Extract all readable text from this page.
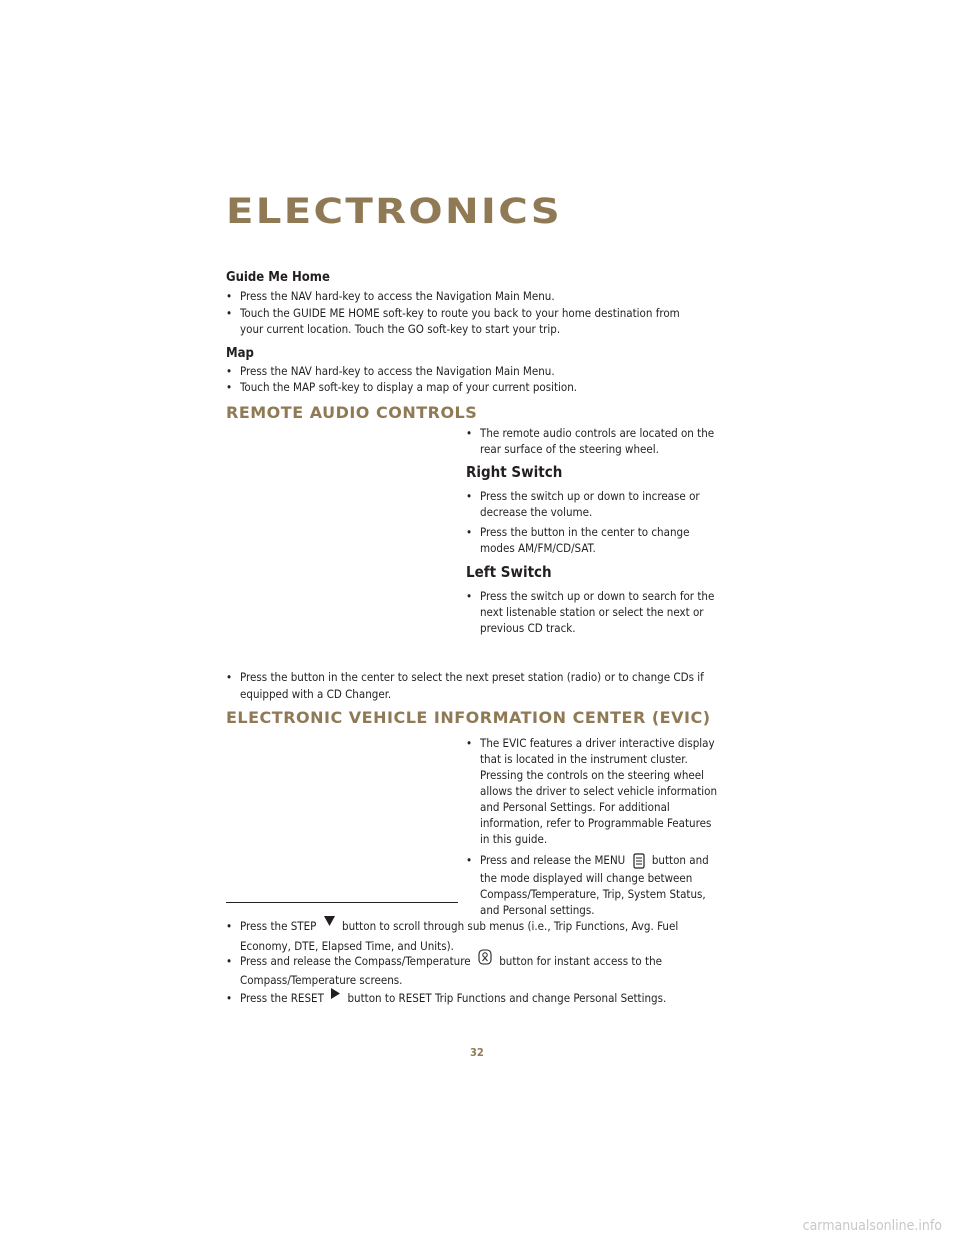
ELECTRONICS
Guide Me Home
• Press the NAV hard-key to access the Navigation Main Menu.
• Touch the GUIDE ME HOME soft-key to route you back to your home destination from
your current location. Touch the GO soft-key to start your trip.
Map
• Press the NAV hard-key to access the Navigation Main Menu.
• Touch the MAP soft-key to display a map of your current position.
REMOTE AUDIO CONTROLS
• The remote audio controls are located on the
rear surface of the steering wheel.
Right Switch
• Press the switch up or down to increase or
decrease the volume.
• Press the button in the center to change
modes AM/FM/CD/SAT.
Left Switch
• Press the switch up or down to search for the
next listenable station or select the next or
previous CD track.
• Press the button in the center to select the next preset station (radio) or to change CDs if
equipped with a CD Changer.
ELECTRONIC VEHICLE INFORMATION CENTER (EVIC)
• The EVIC features a driver interactive display
that is located in the instrument cluster.
Pressing the controls on the steering wheel
allows the driver to select vehicle information
and Personal Settings. For additional
information, refer to Programmable Features
in this guide.
• Press and release the MENU button and
the mode displayed will change between
Compass/Temperature, Trip, System Status,
and Personal settings.
• Press the STEP button to scroll through sub menus (i.e., Trip Functions, Avg. Fuel
Economy, DTE, Elapsed Time, and Units).
• Press and release the Compass/Temperature button for instant access to the
Compass/Temperature screens.
• Press the RESET button to RESET Trip Functions and change Personal Settings.
32
carmanualsonline.info
